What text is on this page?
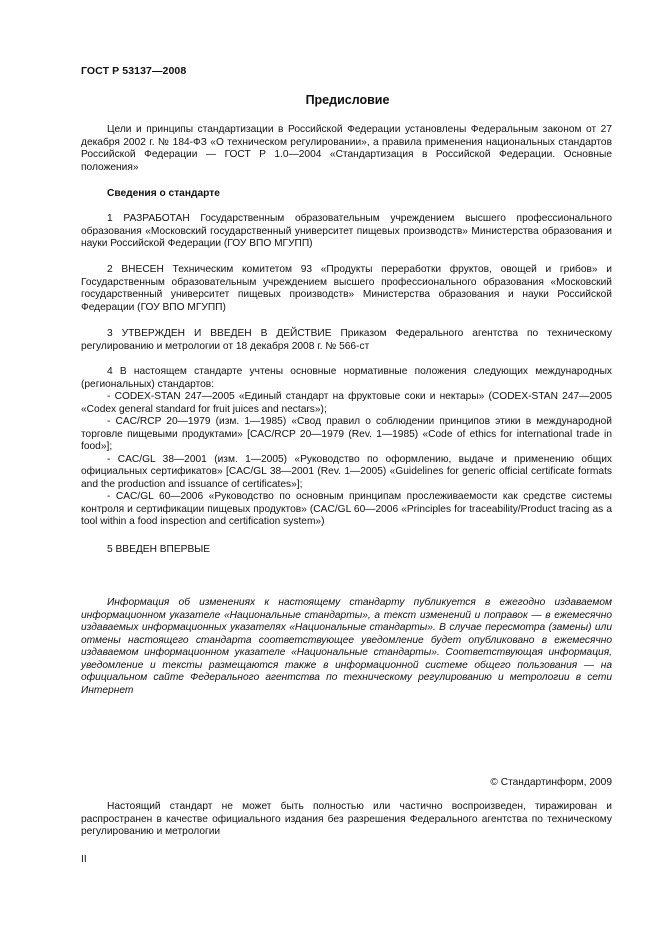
ГОСТ Р 53137—2008
Предисловие
Цели и принципы стандартизации в Российской Федерации установлены Федеральным законом от 27 декабря 2002 г. № 184-ФЗ «О техническом регулировании», а правила применения национальных стандартов Российской Федерации — ГОСТ Р 1.0—2004 «Стандартизация в Российской Федерации. Основные положения»
Сведения о стандарте
1 РАЗРАБОТАН Государственным образовательным учреждением высшего профессионального образования «Московский государственный университет пищевых производств» Министерства образования и науки Российской Федерации (ГОУ ВПО МГУПП)
2 ВНЕСЕН Техническим комитетом 93 «Продукты переработки фруктов, овощей и грибов» и Государственным образовательным учреждением высшего профессионального образования «Московский государственный университет пищевых производств» Министерства образования и науки Российской Федерации (ГОУ ВПО МГУПП)
3 УТВЕРЖДЕН И ВВЕДЕН В ДЕЙСТВИЕ Приказом Федерального агентства по техническому регулированию и метрологии от 18 декабря 2008 г. № 566-ст

4 В настоящем стандарте учтены основные нормативные положения следующих международных (региональных) стандартов:

- CODEX-STAN 247—2005 «Единый стандарт на фруктовые соки и нектары» (CODEX-STAN 247—2005 «Codex general standard for fruit juices and nectars»);

- CAC/RCP 20—1979 (изм. 1—1985) «Свод правил о соблюдении принципов этики в международной торговле пищевыми продуктами» [CAC/RCP 20—1979 (Rev. 1—1985) «Code of ethics for international trade in food»];

- CAC/GL 38—2001 (изм. 1—2005) «Руководство по оформлению, выдаче и применению общих официальных сертификатов» [CAC/GL 38—2001 (Rev. 1—2005) «Guidelines for generic official certificate formats and the production and issuance of certificates»];

- CAC/GL 60—2006 «Руководство по основным принципам прослеживаемости как средстве системы контроля и сертификации пищевых продуктов» (CAC/GL 60—2006 «Principles for traceability/Product tracing as a tool within a food inspection and certification system»)

5 ВВЕДЕН ВПЕРВЫЕ
Информация об изменениях к настоящему стандарту публикуется в ежегодно издаваемом информационном указателе «Национальные стандарты», а текст изменений и поправок — в ежемесячно издаваемых информационных указателях «Национальные стандарты». В случае пересмотра (замены) или отмены настоящего стандарта соответствующее уведомление будет опубликовано в ежемесячно издаваемом информационном указателе «Национальные стандарты». Соответствующая информация, уведомление и тексты размещаются также в информационной системе общего пользования — на официальном сайте Федерального агентства по техническому регулированию и метрологии в сети Интернет
© Стандартинформ, 2009
Настоящий стандарт не может быть полностью или частично воспроизведен, тиражирован и распространен в качестве официального издания без разрешения Федерального агентства по техническому регулированию и метрологии
II
